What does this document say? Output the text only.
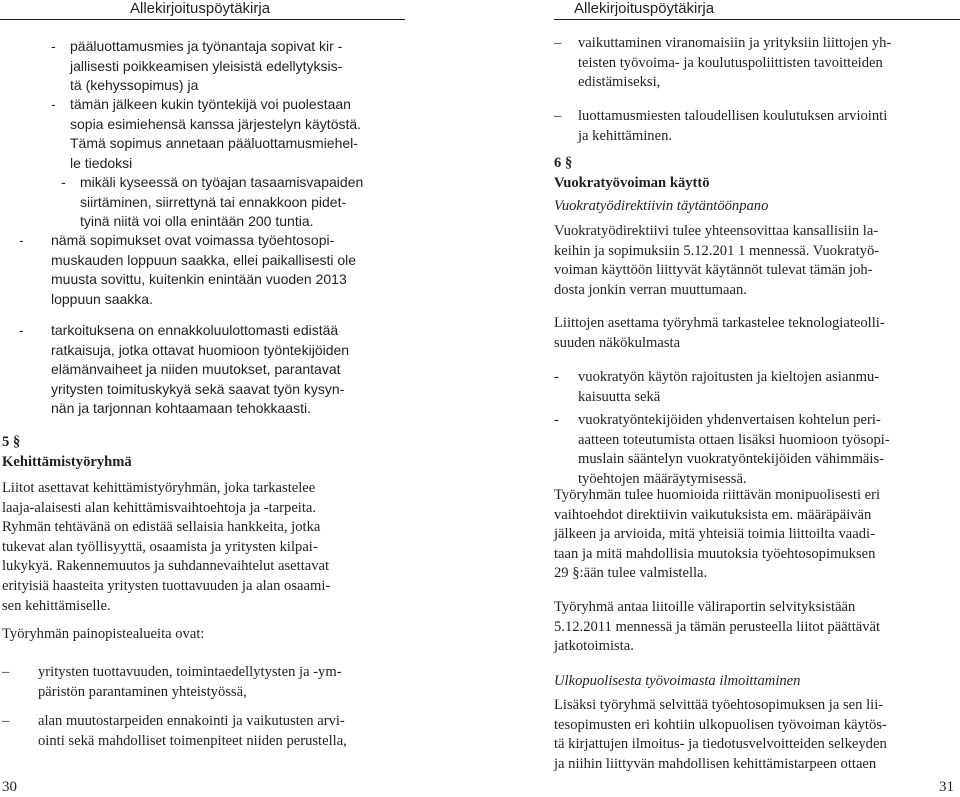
Allekirjoituspöytäkirja
- pääluottamusmies ja työnantaja sopivat kir -
jallisesti poikkeamisen yleisistä edellytyksis-
tä (kehyssopimus) ja
- tämän jälkeen kukin työntekijä voi puolestaan
sopia esimiehensä kanssa järjestelyn käytöstä.
Tämä sopimus annetaan pääluottamusmiehel-
le tiedoksi
- mikäli kyseessä on työajan tasaamisvapaiden
siirtäminen, siirrettynä tai ennakkoon pidet-
tyinä niitä voi olla enintään 200 tuntia.
- nämä sopimukset ovat voimassa työehtosopi-
muskauden loppuun saakka, ellei paikallisesti ole
muusta sovittu, kuitenkin enintään vuoden 2013
loppuun saakka.
- tarkoituksena on ennakkoluulottomasti edistää
ratkaisuja, jotka ottavat huomioon työntekijöiden
elämänvaiheet ja niiden muutokset, parantavat
yritysten toimituskykyä sekä saavat työn kysyn-
nän ja tarjonnan kohtaamaan tehokkaasti.
5 §
Kehittämistyöryhmä
Liitot asettavat kehittämistyöryhmän, joka tarkastelee
laaja-alaisesti alan kehittämisvaihtoehtoja ja -tarpeita.
Ryhmän tehtävänä on edistää sellaisia hankkeita, jotka
tukevat alan työllisyyttä, osaamista ja yritysten kilpai-
lukykyä. Rakennemuutos ja suhdannevaihtelut asettavat
erityisiä haasteita yritysten tuottavuuden ja alan osaami-
sen kehittämiselle.
Työryhmän painopistealueita ovat:
– yritysten tuottavuuden, toimintaedellytysten ja -ym-
päristön parantaminen yhteistyössä,
– alan muutostarpeiden ennakointi ja vaikutusten arvi-
ointi sekä mahdolliset toimenpiteet niiden perustella,
30
Allekirjoituspöytäkirja
– vaikuttaminen viranomaisiin ja yrityksiin liittojen yh-
teisten työvoima- ja koulutuspoliittisten tavoitteiden
edistämiseksi,
– luottamusmiesten taloudellisen koulutuksen arviointi
ja kehittäminen.
6 §
Vuokratyövoiman käyttö
Vuokratyödirektiivin täytäntöönpano
Vuokratyödirektiivi tulee yhteensovittaa kansallisiin la-
keihin ja sopimuksiin 5.12.201 1 mennessä. Vuokratyö-
voiman käyttöön liittyvät käytännöt tulevat tämän joh-
dosta jonkin verran muuttumaan.
Liittojen asettama työryhmä tarkastelee teknologiateolli-
suuden näkökulmasta
- vuokratyön käytön rajoitusten ja kieltojen asianmu-
kaisuutta sekä
- vuokratyöntekijöiden yhdenvertaisen kohtelun peri-
aatteen toteutumista ottaen lisäksi huomioon työsopi-
muslain sääntelyn vuokratyöntekijöiden vähimmäis-
työehtojen määräytymisessä.
Työryhmän tulee huomioida riittävän monipuolisesti eri
vaihtoehdot direktiivin vaikutuksista em. määräpäivän
jälkeen ja arvioida, mitä yhteisiä toimia liittoilta vaadi-
taan ja mitä mahdollisia muutoksia työehtosopimuksen
29 §:ään tulee valmistella.
Työryhmä antaa liitoille väliraportin selvityksistään
5.12.2011 mennessä ja tämän perusteella liitot päättävät
jatkotoimista.
Ulkopuolisesta työvoimasta ilmoittaminen
Lisäksi työryhmä selvittää työehtosopimuksen ja sen lii-
tesopimusten eri kohtiin ulkopuolisen työvoiman käytös-
tä kirjattujen ilmoitus- ja tiedotusvelvoitteiden selkeyden
ja niihin liittyvän mahdollisen kehittämistarpeen ottaen
31
